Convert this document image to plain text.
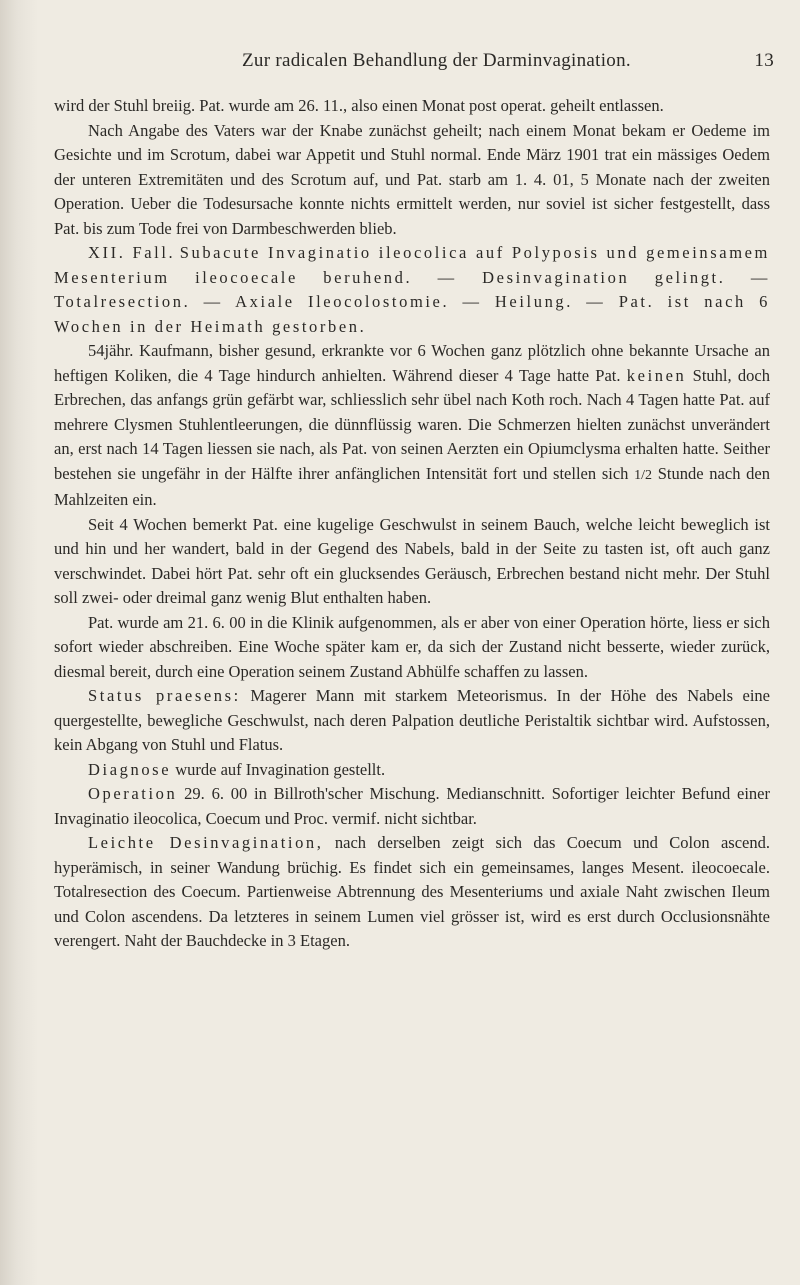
Zur radicalen Behandlung der Darminvagination.	13

wird der Stuhl breiig. Pat. wurde am 26. 11., also einen Monat post operat. geheilt entlassen.

Nach Angabe des Vaters war der Knabe zunächst geheilt; nach einem Monat bekam er Oedeme im Gesichte und im Scrotum, dabei war Appetit und Stuhl normal. Ende März 1901 trat ein mässiges Oedem der unteren Extremitäten und des Scrotum auf, und Pat. starb am 1. 4. 01, 5 Monate nach der zweiten Operation. Ueber die Todesursache konnte nichts ermittelt werden, nur soviel ist sicher festgestellt, dass Pat. bis zum Tode frei von Darmbeschwerden blieb.

XII. Fall. Subacute Invaginatio ileocolica auf Polyposis und gemeinsamem Mesenterium ileocoecale beruhend. — Desinvagination gelingt. — Totalresection. — Axiale Ileocolostomie. — Heilung. — Pat. ist nach 6 Wochen in der Heimath gestorben.

54jähr. Kaufmann, bisher gesund, erkrankte vor 6 Wochen ganz plötzlich ohne bekannte Ursache an heftigen Koliken, die 4 Tage hindurch anhielten. Während dieser 4 Tage hatte Pat. keinen Stuhl, doch Erbrechen, das anfangs grün gefärbt war, schliesslich sehr übel nach Koth roch. Nach 4 Tagen hatte Pat. auf mehrere Clysmen Stuhlentleerungen, die dünnflüssig waren. Die Schmerzen hielten zunächst unverändert an, erst nach 14 Tagen liessen sie nach, als Pat. von seinen Aerzten ein Opiumclysma erhalten hatte. Seither bestehen sie ungefähr in der Hälfte ihrer anfänglichen Intensität fort und stellen sich 1/2 Stunde nach den Mahlzeiten ein.

Seit 4 Wochen bemerkt Pat. eine kugelige Geschwulst in seinem Bauch, welche leicht beweglich ist und hin und her wandert, bald in der Gegend des Nabels, bald in der Seite zu tasten ist, oft auch ganz verschwindet. Dabei hört Pat. sehr oft ein glucksendes Geräusch, Erbrechen bestand nicht mehr. Der Stuhl soll zwei- oder dreimal ganz wenig Blut enthalten haben.

Pat. wurde am 21. 6. 00 in die Klinik aufgenommen, als er aber von einer Operation hörte, liess er sich sofort wieder abschreiben. Eine Woche später kam er, da sich der Zustand nicht besserte, wieder zurück, diesmal bereit, durch eine Operation seinem Zustand Abhülfe schaffen zu lassen.

Status praesens: Magerer Mann mit starkem Meteorismus. In der Höhe des Nabels eine quergestellte, bewegliche Geschwulst, nach deren Palpation deutliche Peristaltik sichtbar wird. Aufstossen, kein Abgang von Stuhl und Flatus.

Diagnose wurde auf Invagination gestellt.

Operation 29. 6. 00 in Billroth'scher Mischung. Medianschnitt. Sofortiger leichter Befund einer Invaginatio ileocolica, Coecum und Proc. vermif. nicht sichtbar.

Leichte Desinvagination, nach derselben zeigt sich das Coecum und Colon ascend. hyperämisch, in seiner Wandung brüchig. Es findet sich ein gemeinsames, langes Mesent. ileocoecale. Totalresection des Coecum. Partienweise Abtrennung des Mesenteriums und axiale Naht zwischen Ileum und Colon ascendens. Da letzteres in seinem Lumen viel grösser ist, wird es erst durch Occlusionsnähte verengert. Naht der Bauchdecke in 3 Etagen.
